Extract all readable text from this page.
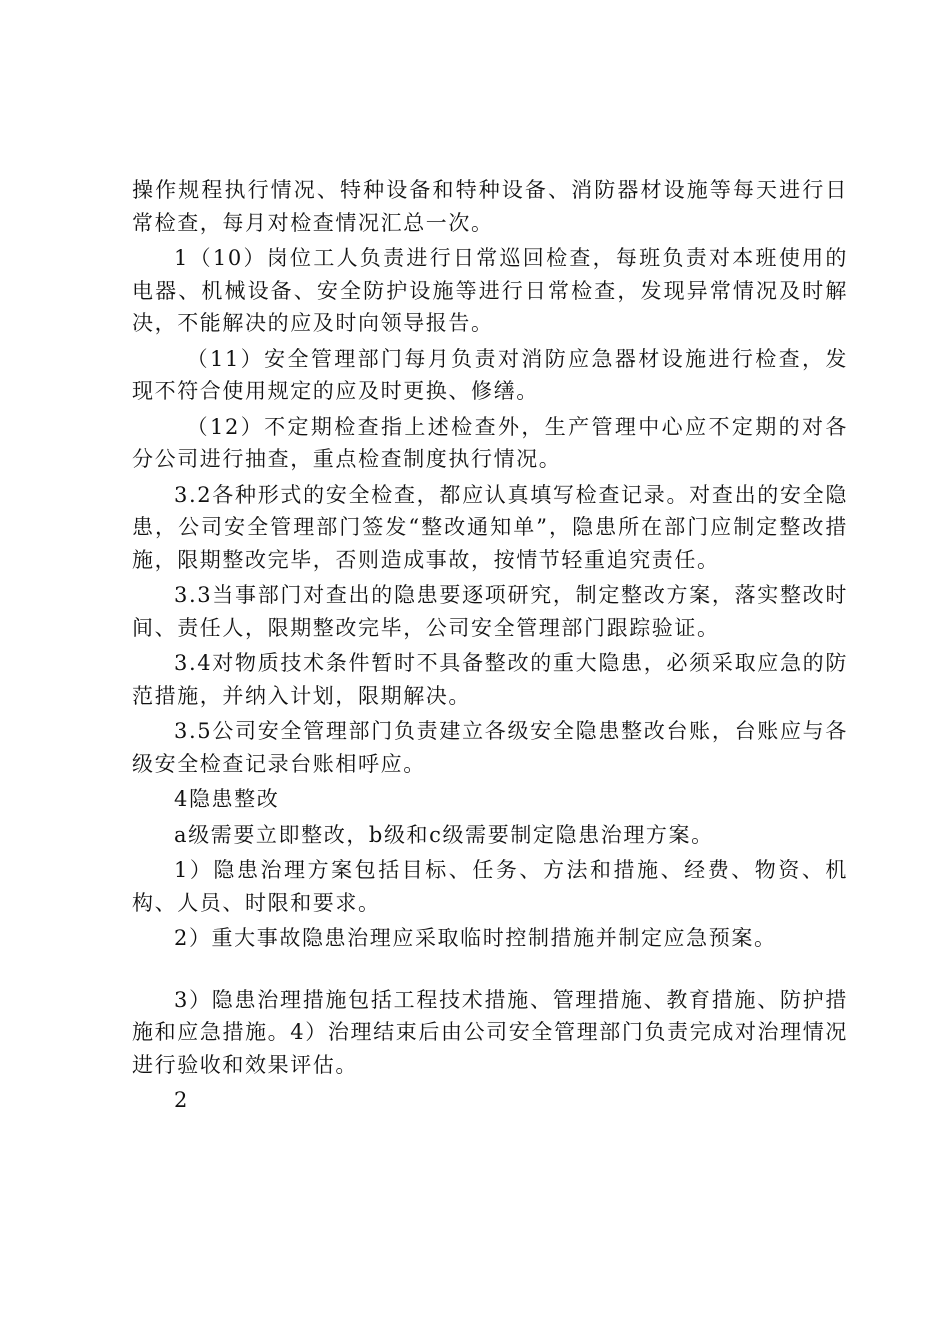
操作规程执行情况、特种设备和特种设备、消防器材设施等每天进行日常检查，每月对检查情况汇总一次。

1（10）岗位工人负责进行日常巡回检查，每班负责对本班使用的电器、机械设备、安全防护设施等进行日常检查，发现异常情况及时解决，不能解决的应及时向领导报告。

（11）安全管理部门每月负责对消防应急器材设施进行检查，发现不符合使用规定的应及时更换、修缮。

（12）不定期检查指上述检查外，生产管理中心应不定期的对各分公司进行抽查，重点检查制度执行情况。

3.2各种形式的安全检查，都应认真填写检查记录。对查出的安全隐患，公司安全管理部门签发“整改通知单”，隐患所在部门应制定整改措施，限期整改完毕，否则造成事故，按情节轻重追究责任。

3.3当事部门对查出的隐患要逐项研究，制定整改方案，落实整改时间、责任人，限期整改完毕，公司安全管理部门跟踪验证。

3.4对物质技术条件暂时不具备整改的重大隐患，必须采取应急的防范措施，并纳入计划，限期解决。

3.5公司安全管理部门负责建立各级安全隐患整改台账，台账应与各级安全检查记录台账相呼应。

4隐患整改

a级需要立即整改，b级和c级需要制定隐患治理方案。

1）隐患治理方案包括目标、任务、方法和措施、经费、物资、机构、人员、时限和要求。

2）重大事故隐患治理应采取临时控制措施并制定应急预案。

3）隐患治理措施包括工程技术措施、管理措施、教育措施、防护措施和应急措施。4）治理结束后由公司安全管理部门负责完成对治理情况进行验收和效果评估。

2
